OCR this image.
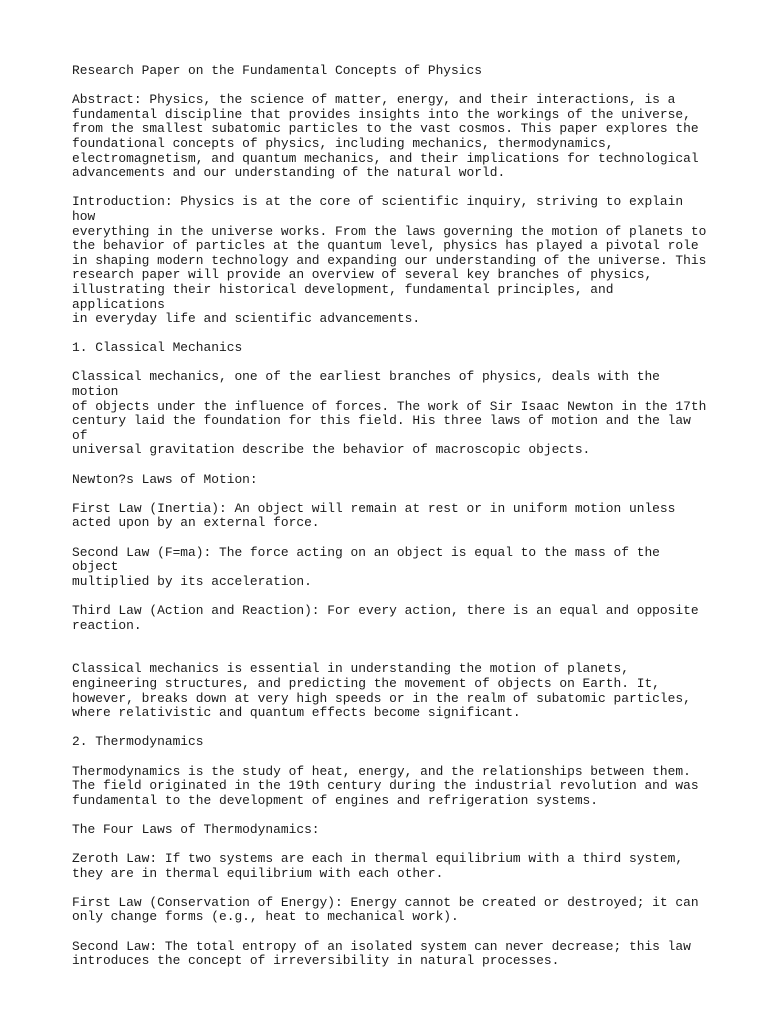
Research Paper on the Fundamental Concepts of Physics

Abstract: Physics, the science of matter, energy, and their interactions, is a
fundamental discipline that provides insights into the workings of the universe,
from the smallest subatomic particles to the vast cosmos. This paper explores the
foundational concepts of physics, including mechanics, thermodynamics,
electromagnetism, and quantum mechanics, and their implications for technological
advancements and our understanding of the natural world.

Introduction: Physics is at the core of scientific inquiry, striving to explain how
everything in the universe works. From the laws governing the motion of planets to
the behavior of particles at the quantum level, physics has played a pivotal role
in shaping modern technology and expanding our understanding of the universe. This
research paper will provide an overview of several key branches of physics,
illustrating their historical development, fundamental principles, and applications
in everyday life and scientific advancements.

1. Classical Mechanics

Classical mechanics, one of the earliest branches of physics, deals with the motion
of objects under the influence of forces. The work of Sir Isaac Newton in the 17th
century laid the foundation for this field. His three laws of motion and the law of
universal gravitation describe the behavior of macroscopic objects.

Newton?s Laws of Motion:

First Law (Inertia): An object will remain at rest or in uniform motion unless
acted upon by an external force.

Second Law (F=ma): The force acting on an object is equal to the mass of the object
multiplied by its acceleration.

Third Law (Action and Reaction): For every action, there is an equal and opposite
reaction.

Classical mechanics is essential in understanding the motion of planets,
engineering structures, and predicting the movement of objects on Earth. It,
however, breaks down at very high speeds or in the realm of subatomic particles,
where relativistic and quantum effects become significant.

2. Thermodynamics

Thermodynamics is the study of heat, energy, and the relationships between them.
The field originated in the 19th century during the industrial revolution and was
fundamental to the development of engines and refrigeration systems.

The Four Laws of Thermodynamics:

Zeroth Law: If two systems are each in thermal equilibrium with a third system,
they are in thermal equilibrium with each other.

First Law (Conservation of Energy): Energy cannot be created or destroyed; it can
only change forms (e.g., heat to mechanical work).

Second Law: The total entropy of an isolated system can never decrease; this law
introduces the concept of irreversibility in natural processes.
